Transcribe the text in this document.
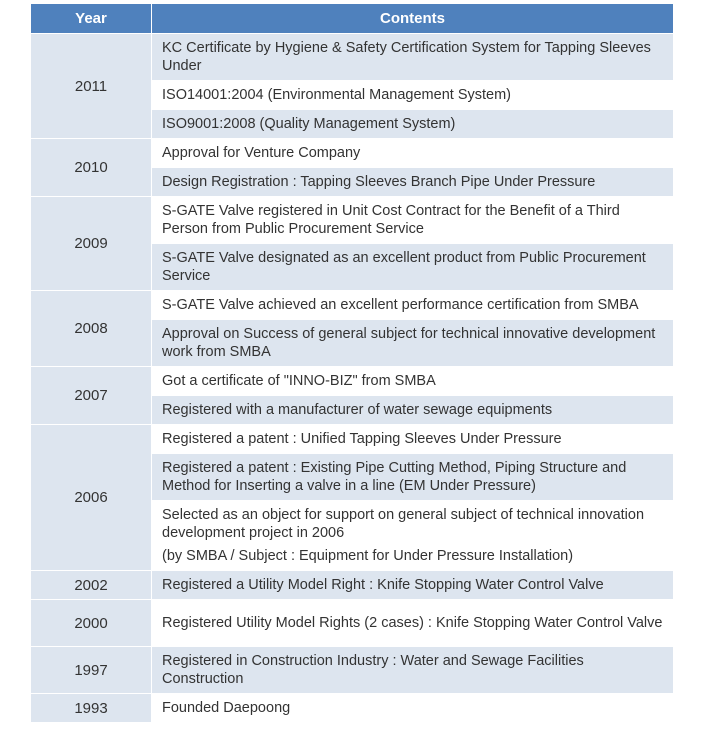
Year	Contents
2011	KC Certificate by Hygiene & Safety Certification System for Tapping Sleeves Under
	ISO14001:2004 (Environmental Management System)
	ISO9001:2008 (Quality Management System)
2010	Approval for Venture Company
	Design Registration : Tapping Sleeves Branch Pipe Under Pressure
2009	S-GATE Valve registered in Unit Cost Contract for the Benefit of a Third Person from Public Procurement Service
	S-GATE Valve designated as an excellent product from Public Procurement Service
2008	S-GATE Valve achieved an excellent performance certification from SMBA
	Approval on Success of general subject for technical innovative development work from SMBA
2007	Got a certificate of "INNO-BIZ" from SMBA
	Registered with a manufacturer of water sewage equipments
2006	Registered a patent : Unified Tapping Sleeves Under Pressure
	Registered a patent : Existing Pipe Cutting Method, Piping Structure and Method for Inserting a valve in a line (EM Under Pressure)
	Selected as an object for support on general subject of technical innovation development project in 2006
(by SMBA / Subject : Equipment for Under Pressure Installation)

2002	Registered a Utility Model Right : Knife Stopping Water Control Valve
2000	Registered Utility Model Rights (2 cases) : Knife Stopping Water Control Valve
1997	Registered in Construction Industry : Water and Sewage Facilities Construction
1993	Founded Daepoong
